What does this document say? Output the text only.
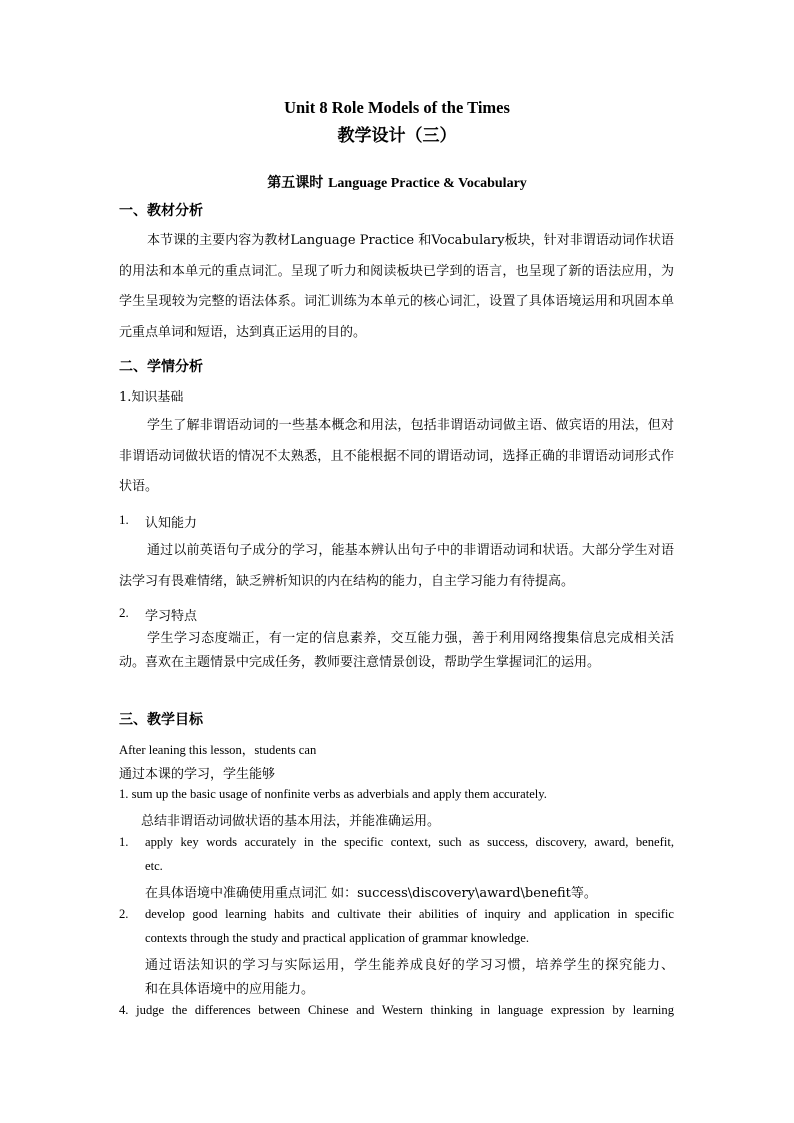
Unit 8 Role Models of the Times
教学设计（三）
第五课时 Language Practice & Vocabulary
一、教材分析
本节课的主要内容为教材Language Practice 和Vocabulary板块，针对非谓语动词作状语的用法和本单元的重点词汇。呈现了听力和阅读板块已学到的语言，也呈现了新的语法应用，为学生呈现较为完整的语法体系。词汇训练为本单元的核心词汇，设置了具体语境运用和巩固本单元重点单词和短语，达到真正运用的目的。
二、学情分析
1.知识基础
学生了解非谓语动词的一些基本概念和用法，包括非谓语动词做主语、做宾语的用法，但对非谓语动词做状语的情况不太熟悉，且不能根据不同的谓语动词，选择正确的非谓语动词形式作状语。
1. 认知能力
通过以前英语句子成分的学习，能基本辨认出句子中的非谓语动词和状语。大部分学生对语法学习有畏难情绪，缺乏辨析知识的内在结构的能力，自主学习能力有待提高。
2. 学习特点
学生学习态度端正，有一定的信息素养，交互能力强，善于利用网络搜集信息完成相关活动。喜欢在主题情景中完成任务，教师要注意情景创设，帮助学生掌握词汇的运用。
三、教学目标
After leaning this lesson，students can
通过本课的学习，学生能够
1. sum up the basic usage of nonfinite verbs as adverbials and apply them accurately.
总结非谓语动词做状语的基本用法，并能准确运用。
1. apply key words accurately in the specific context, such as success, discovery, award, benefit,
etc.
在具体语境中准确使用重点词汇 如：success\discovery\award\benefit等。
2. develop good learning habits and cultivate their abilities of inquiry and application in specific
contexts through the study and practical application of grammar knowledge.
通过语法知识的学习与实际运用，学生能养成良好的学习习惯，培养学生的探究能力、
和在具体语境中的应用能力。
4. judge the differences between Chinese and Western thinking in language expression by learning
